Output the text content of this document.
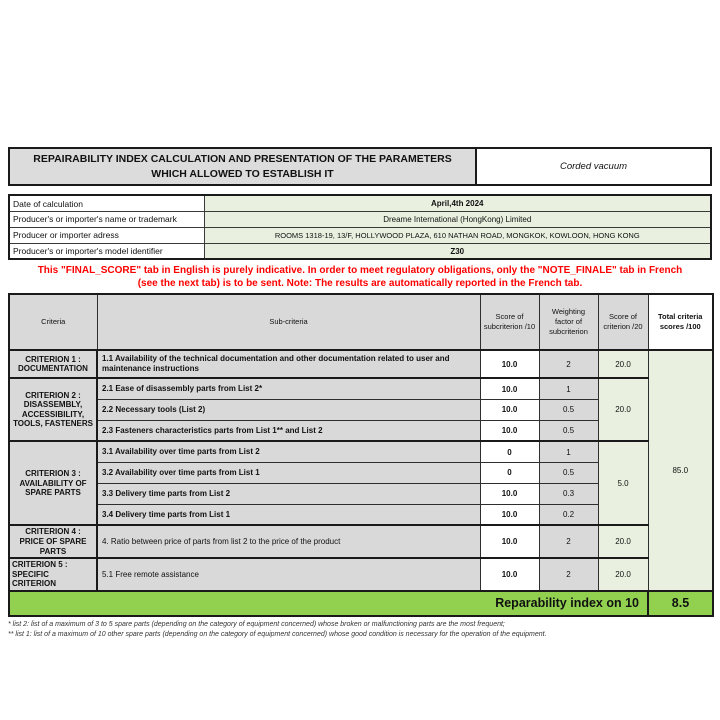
REPAIRABILITY INDEX CALCULATION AND PRESENTATION OF THE PARAMETERS WHICH ALLOWED TO ESTABLISH IT
Corded vacuum
Date of calculation	April,4th 2024
Producer's or importer's name or trademark	Dreame International (HongKong) Limited
Producer or importer adress	ROOMS 1318-19, 13/F, HOLLYWOOD PLAZA, 610 NATHAN ROAD, MONGKOK, KOWLOON, HONG KONG
Producer's or importer's model identifier	Z30
This "FINAL_SCORE" tab in English is purely indicative. In order to meet regulatory obligations, only the "NOTE_FINALE" tab in French
(see the next tab) is to be sent. Note: The results are automatically reported in the French tab.
Criteria	Sub-criteria	Score of subcriterion /10	Weighting factor of subcriterion	Score of criterion /20	Total criteria scores /100
CRITERION 1 : DOCUMENTATION	1.1 Availability of the technical documentation and other documentation related to user and maintenance instructions	10.0	2	20.0	85.0
CRITERION 2 : DISASSEMBLY, ACCESSIBILITY, TOOLS, FASTENERS	2.1 Ease of disassembly parts from List 2*	10.0	1	20.0	
	2.2 Necessary tools (List 2)	10.0	0.5		
	2.3 Fasteners characteristics parts from List 1** and List 2	10.0	0.5		
CRITERION 3 : AVAILABILITY OF SPARE PARTS	3.1 Availability over time parts from List 2	0	1	5.0	
	3.2 Availability over time parts from List 1	0	0.5		
	3.3 Delivery time parts from List 2	10.0	0.3		
	3.4 Delivery time parts from List 1	10.0	0.2		
CRITERION 4 : PRICE OF SPARE PARTS	4. Ratio between price of parts from list 2 to the price of the product	10.0	2	20.0	
CRITERION 5 : SPECIFIC CRITERION	5.1 Free remote assistance	10.0	2	20.0	
Reparability index on 10					8.5
* list 2: list of a maximum of 3 to 5 spare parts (depending on the category of equipment concerned) whose broken or malfunctioning parts are the most frequent;
** list 1: list of a maximum of 10 other spare parts (depending on the category of equipment concerned) whose good condition is necessary for the operation of the equipment.
